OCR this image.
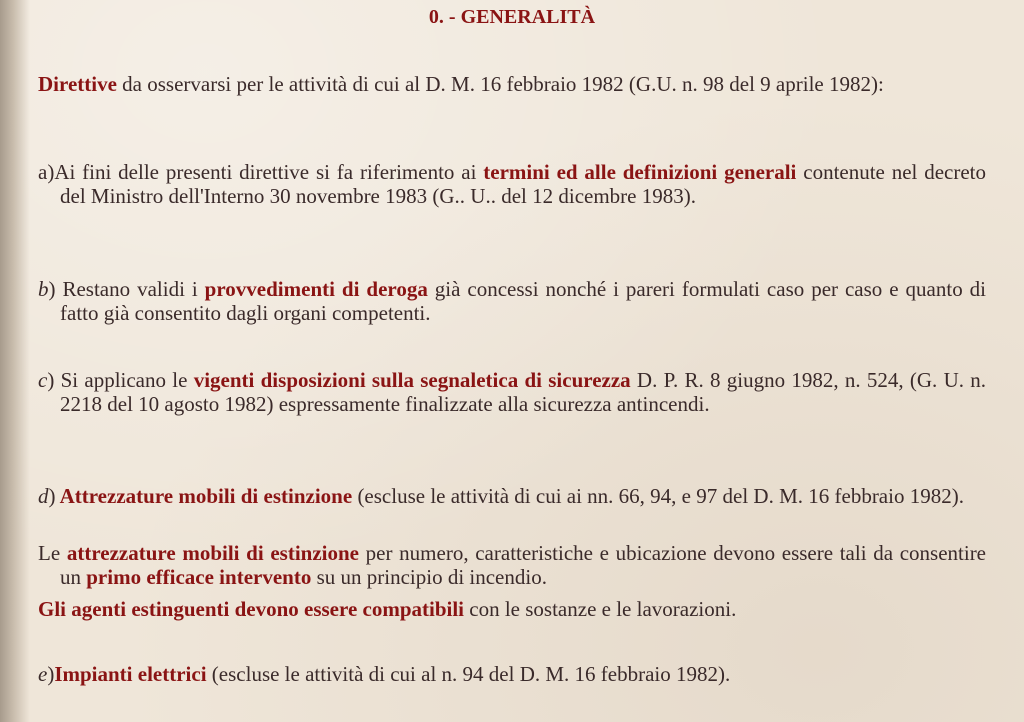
0. - GENERALITÀ
Direttive da osservarsi per le attività di cui al D. M. 16 febbraio 1982 (G.U. n. 98 del 9 aprile 1982):
a)Ai fini delle presenti direttive si fa riferimento ai termini ed alle definizioni generali contenute nel decreto del Ministro dell'Interno 30 novembre 1983 (G.. U.. del 12 dicembre 1983).
b) Restano validi i provvedimenti di deroga già concessi nonché i pareri formulati caso per caso e quanto di fatto già consentito dagli organi competenti.
c) Si applicano le vigenti disposizioni sulla segnaletica di sicurezza D. P. R. 8 giugno 1982, n. 524, (G. U. n. 2218 del 10 agosto 1982) espressamente finalizzate alla sicurezza antincendi.
d) Attrezzature mobili di estinzione (escluse le attività di cui ai nn. 66, 94, e 97 del D. M. 16 febbraio 1982).
Le attrezzature mobili di estinzione per numero, caratteristiche e ubicazione devono essere tali da consentire un primo efficace intervento su un principio di incendio.
Gli agenti estinguenti devono essere compatibili con le sostanze e le lavorazioni.
e)Impianti elettrici (escluse le attività di cui al n. 94 del D. M. 16 febbraio 1982).
